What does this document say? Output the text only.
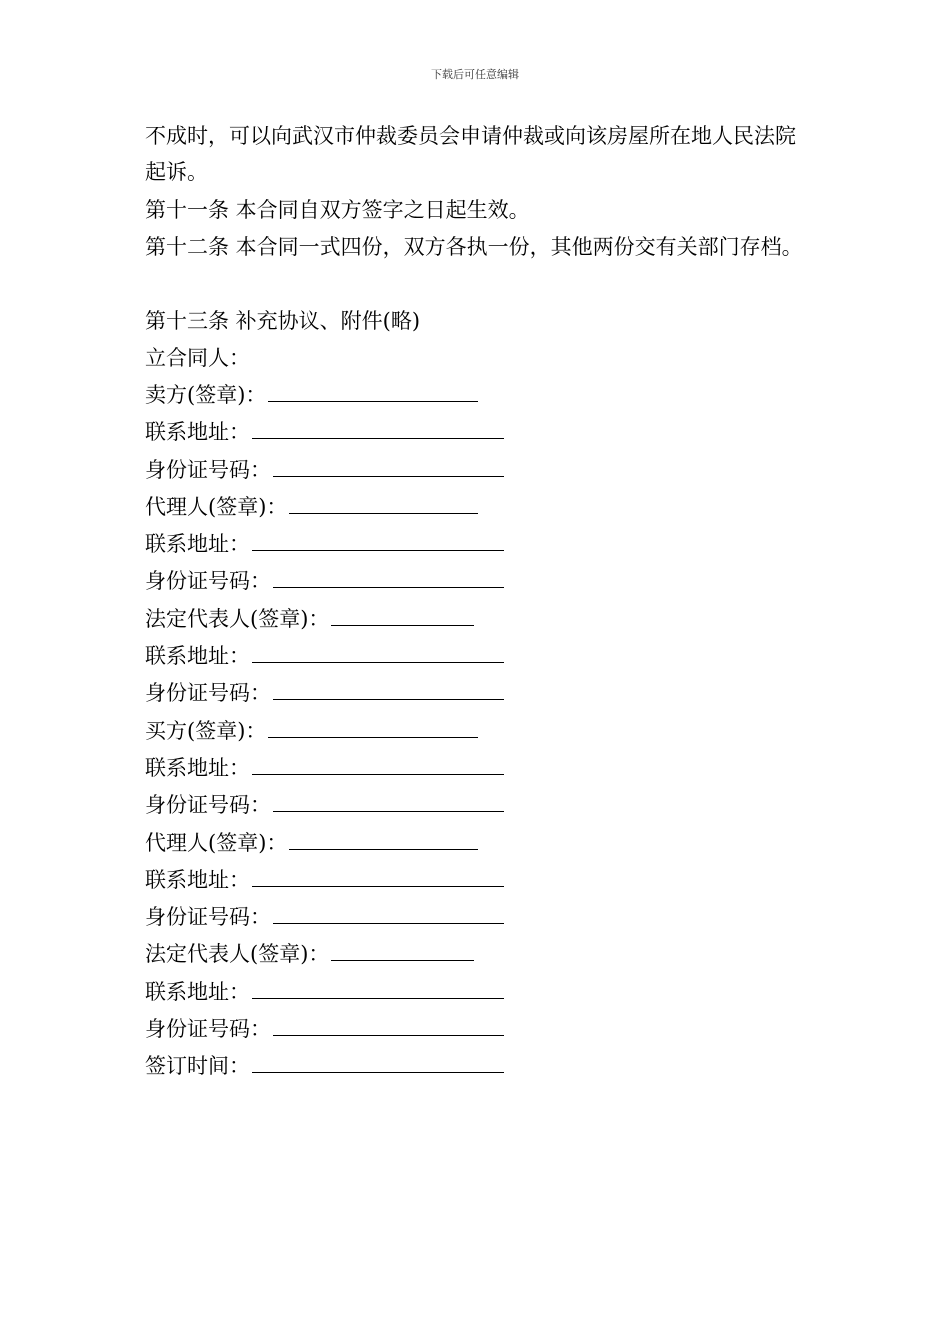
下载后可任意编辑

不成时，可以向武汉市仲裁委员会申请仲裁或向该房屋所在地人民法院起诉。

第十一条 本合同自双方签字之日起生效。

第十二条 本合同一式四份，双方各执一份，其他两份交有关部门存档。

第十三条 补充协议、附件(略)

立合同人：

卖方(签章)：
联系地址：
身份证号码：
代理人(签章)：
联系地址：
身份证号码：
法定代表人(签章)：
联系地址：
身份证号码：
买方(签章)：
联系地址：
身份证号码：
代理人(签章)：
联系地址：
身份证号码：
法定代表人(签章)：
联系地址：
身份证号码：
签订时间：
